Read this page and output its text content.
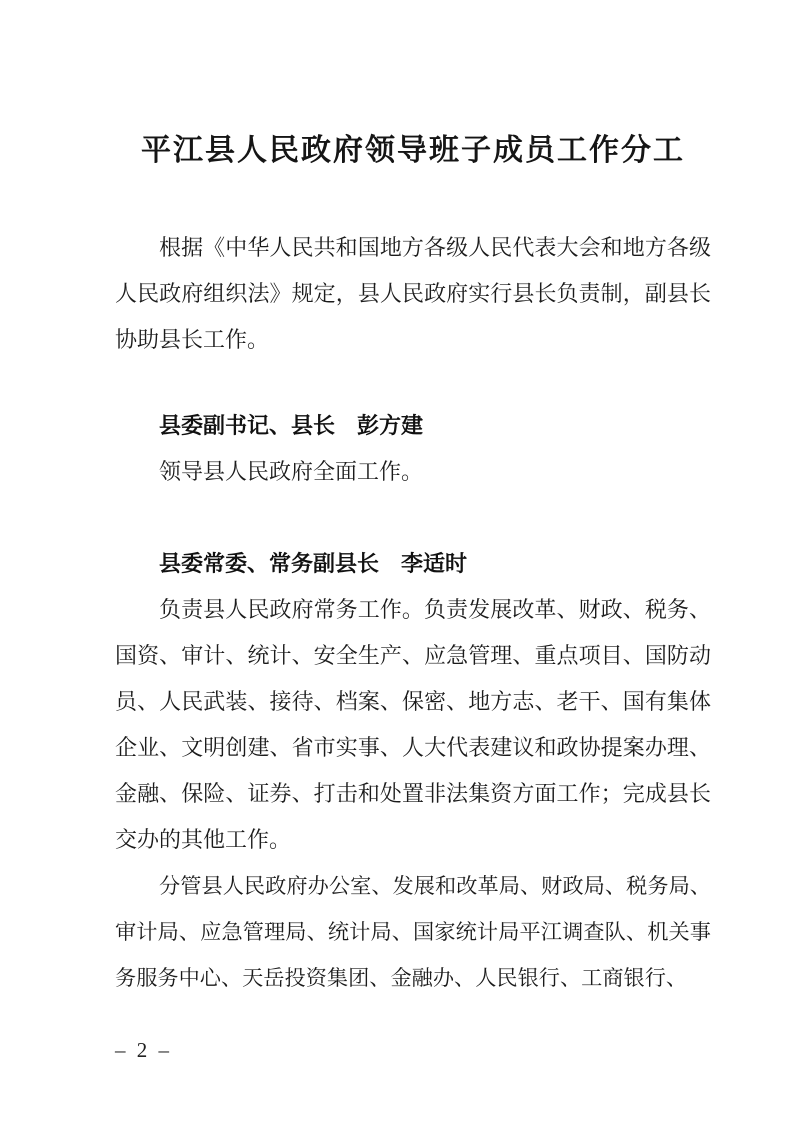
平江县人民政府领导班子成员工作分工

根据《中华人民共和国地方各级人民代表大会和地方各级人民政府组织法》规定，县人民政府实行县长负责制，副县长协助县长工作。

县委副书记、县长 彭方建

领导县人民政府全面工作。

县委常委、常务副县长 李适时

负责县人民政府常务工作。负责发展改革、财政、税务、国资、审计、统计、安全生产、应急管理、重点项目、国防动员、人民武装、接待、档案、保密、地方志、老干、国有集体企业、文明创建、省市实事、人大代表建议和政协提案办理、金融、保险、证券、打击和处置非法集资方面工作；完成县长交办的其他工作。

分管县人民政府办公室、发展和改革局、财政局、税务局、审计局、应急管理局、统计局、国家统计局平江调查队、机关事务服务中心、天岳投资集团、金融办、人民银行、工商银行、

– 2 –
